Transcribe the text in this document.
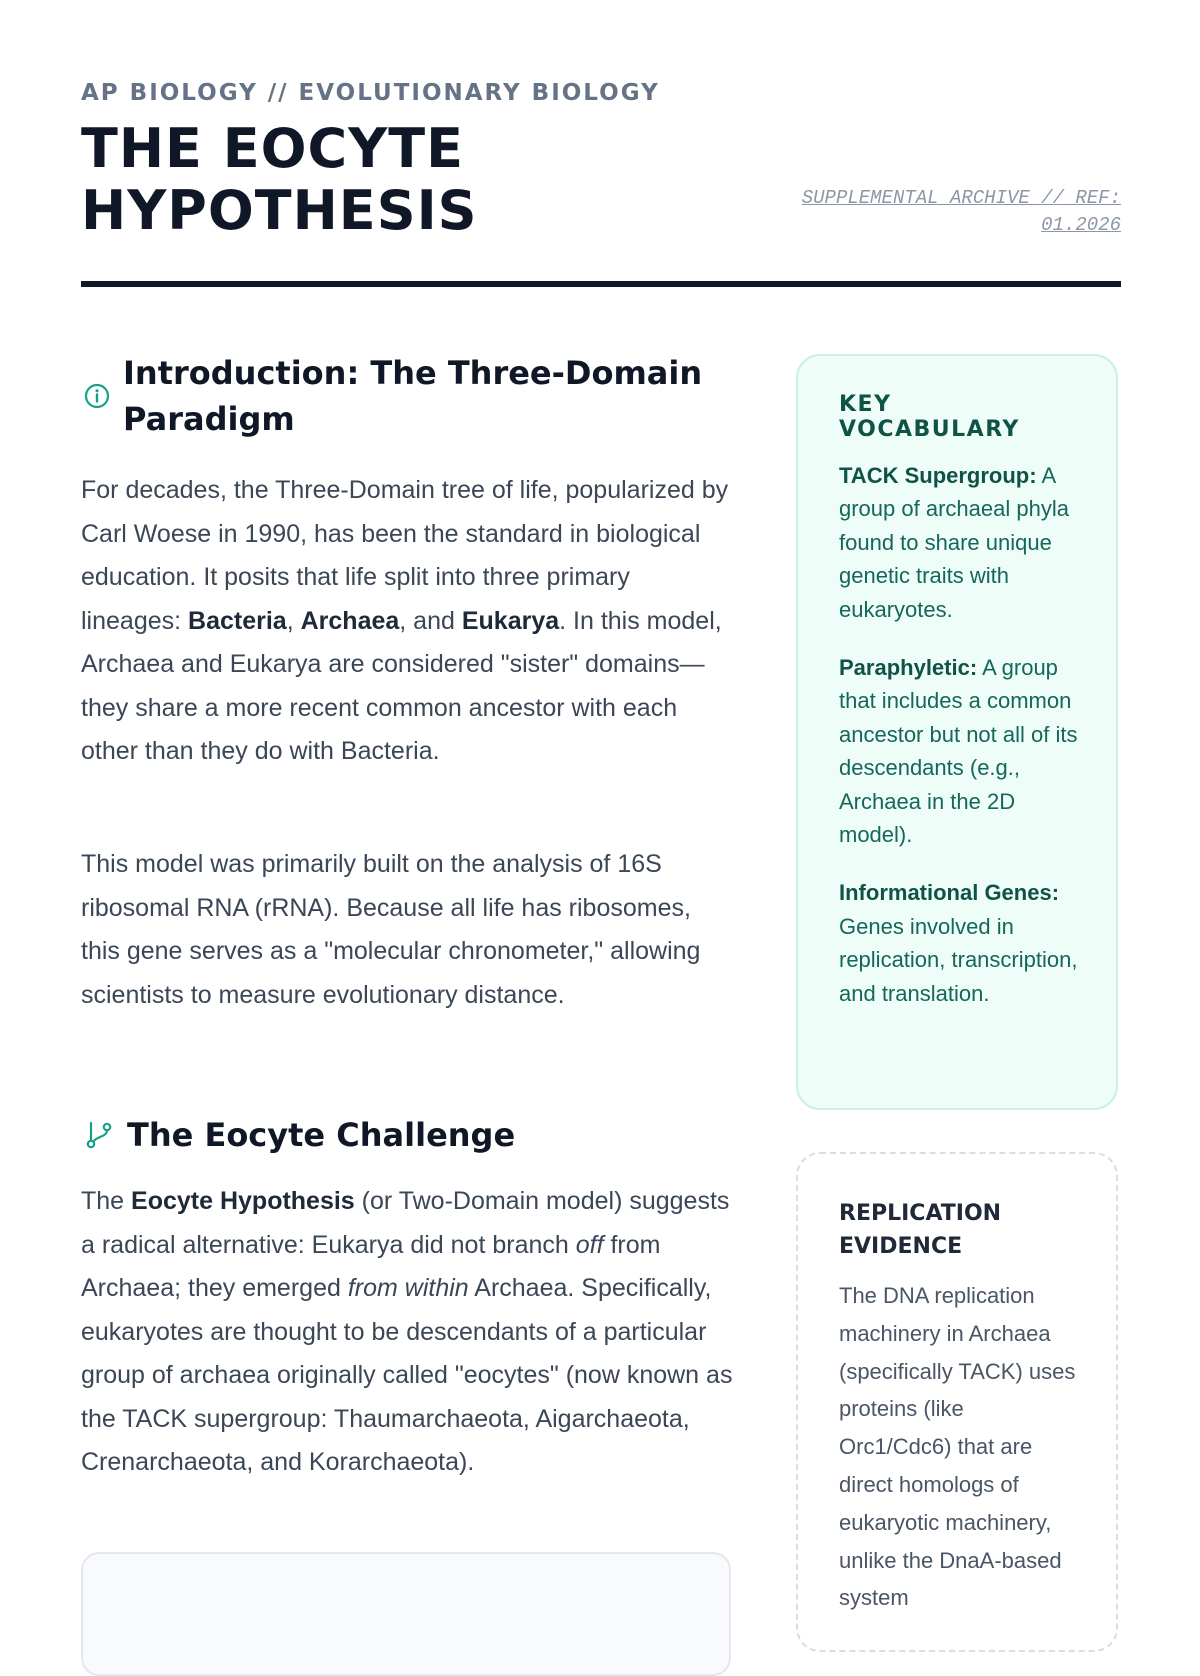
AP BIOLOGY // EVOLUTIONARY BIOLOGY
THE EOCYTE
HYPOTHESIS	SUPPLEMENTAL ARCHIVE // REF: 01.2026
Introduction: The Three-Domain Paradigm

For decades, the Three-Domain tree of life, popularized by Carl Woese in 1990, has been the standard in biological education. It posits that life split into three primary lineages: Bacteria, Archaea, and Eukarya. In this model, Archaea and Eukarya are considered "sister" domains—they share a more recent common ancestor with each other than they do with Bacteria.

This model was primarily built on the analysis of 16S ribosomal RNA (rRNA). Because all life has ribosomes, this gene serves as a "molecular chronometer," allowing scientists to measure evolutionary distance.

The Eocyte Challenge

The Eocyte Hypothesis (or Two-Domain model) suggests a radical alternative: Eukarya did not branch off from Archaea; they emerged from within Archaea. Specifically, eukaryotes are thought to be descendants of a particular group of archaea originally called "eocytes" (now known as the TACK supergroup: Thaumarchaeota, Aigarchaeota, Crenarchaeota, and Korarchaeota).

KEY VOCABULARY

TACK Supergroup: A group of archaeal phyla found to share unique genetic traits with eukaryotes.

Paraphyletic: A group that includes a common ancestor but not all of its descendants (e.g., Archaea in the 2D model).

Informational Genes: Genes involved in replication, transcription, and translation.

REPLICATION EVIDENCE

The DNA replication machinery in Archaea (specifically TACK) uses proteins (like Orc1/Cdc6) that are direct homologs of eukaryotic machinery, unlike the DnaA-based system
